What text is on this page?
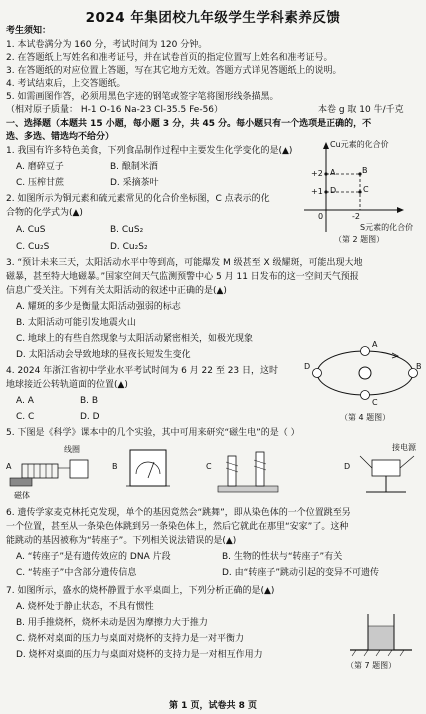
2024 年集团校九年级学生学科素养反馈
考生须知：
1. 本试卷满分为 160 分，考试时间为 120 分钟。
2. 在答题纸上写姓名和准考证号，并在试卷首页的指定位置写上姓名和准考证号。
3. 在答题纸的对应位置上答题，写在其它地方无效。答题方式详见答题纸上的说明。
4. 考试结束后，上交答题纸。
5. 如需画图作答，必须用黑色字迹的钢笔或签字笔将图形线条描黑。
（相对原子质量： H-1 O-16 Na-23 Cl-35.5 Fe-56）	本卷 g 取 10 牛/千克
一、选择题（本题共 15 小题，每小题 3 分，共 45 分。每小题只有一个选项是正确的，不
选、多选、错选均不给分）
1. 我国有许多特色美食，下列食品制作过程中主要发生化学变化的是(▲)
A. 磨碎豆子	B. 酿制米酒
C. 压榨甘蔗	D. 采摘茶叶
2. 如图所示为铜元素和硫元素常见的化合价坐标图，C 点表示的化
合物的化学式为(▲)
A. CuS	B. CuS₂
C. Cu₂S	D. Cu₂S₂
Cu元素的化合价
+2
+1
A	B
C
D
0	-2
S元素的化合价
（第 2 题图）
3. “预计未来三天，太阳活动水平中等到高，可能爆发 M 级甚至 X 级耀斑，可能出现大地
磁暴，甚至特大地磁暴。”国家空间天气监测预警中心 5 月 11 日发布的这一空间天气预报
信息广受关注。下列有关太阳活动的叙述中正确的是(▲)
A. 耀斑的多少是衡量太阳活动强弱的标志
B. 太阳活动可能引发地震火山
C. 地球上的有些自然现象与太阳活动紧密相关，如极光现象
D. 太阳活动会导致地球的昼夜长短发生变化
4. 2024 年浙江省初中学业水平考试时间为 6 月 22 至 23 日，这时
地球接近公转轨道面的位置(▲)
A. A	B. B
C. C	D. D
A
B
C
D
（第 4 题图）
5. 下图是《科学》课本中的几个实验，其中可用来研究“磁生电”的是（ ）
A	B	C	D
线圈
磁体
接电源
6. 遗传学家麦克林托克发现，单个的基因竟然会“跳舞”，即从染色体的一个位置跳至另
一个位置，甚至从一条染色体跳到另一条染色体上，然后它就此在那里“安家”了。这种
能跳动的基因被称为“转座子”。下列相关说法错误的是(▲)
A. “转座子”是有遗传效应的 DNA 片段	B. 生物的性状与“转座子”有关
C. “转座子”中含部分遗传信息	D. 由“转座子”跳动引起的变异不可遗传
7. 如图所示，盛水的烧杯静置于水平桌面上，下列分析正确的是(▲)
A. 烧杯处于静止状态，不具有惯性
B. 用手推烧杯，烧杯未动是因为摩擦力大于推力
C. 烧杯对桌面的压力与桌面对烧杯的支持力是一对平衡力
D. 烧杯对桌面的压力与桌面对烧杯的支持力是一对相互作用力
（第 7 题图）
第 1 页，试卷共 8 页
